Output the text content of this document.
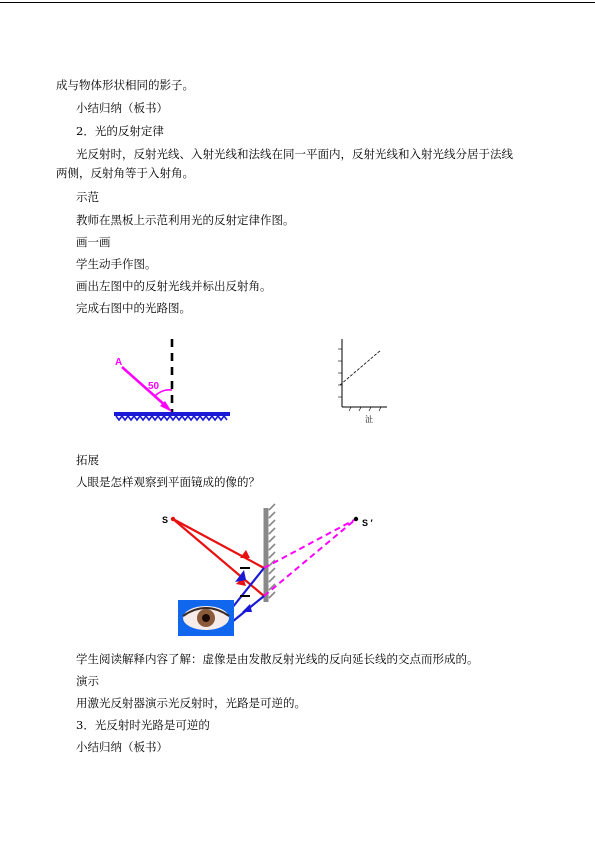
成与物体形状相同的影子。
小结归纳（板书）
2．光的反射定律
光反射时，反射光线、入射光线和法线在同一平面内，反射光线和入射光线分居于法线
两侧，反射角等于入射角。
示范
教师在黑板上示范利用光的反射定律作图。
画一画
学生动手作图。
画出左图中的反射光线并标出反射角。
完成右图中的光路图。
A
50
沚
拓展
人眼是怎样观察到平面镜成的像的？
S	S ′
学生阅读解释内容了解：虚像是由发散反射光线的反向延长线的交点而形成的。
演示
用激光反射器演示光反射时，光路是可逆的。
3．光反射时光路是可逆的
小结归纳（板书）
